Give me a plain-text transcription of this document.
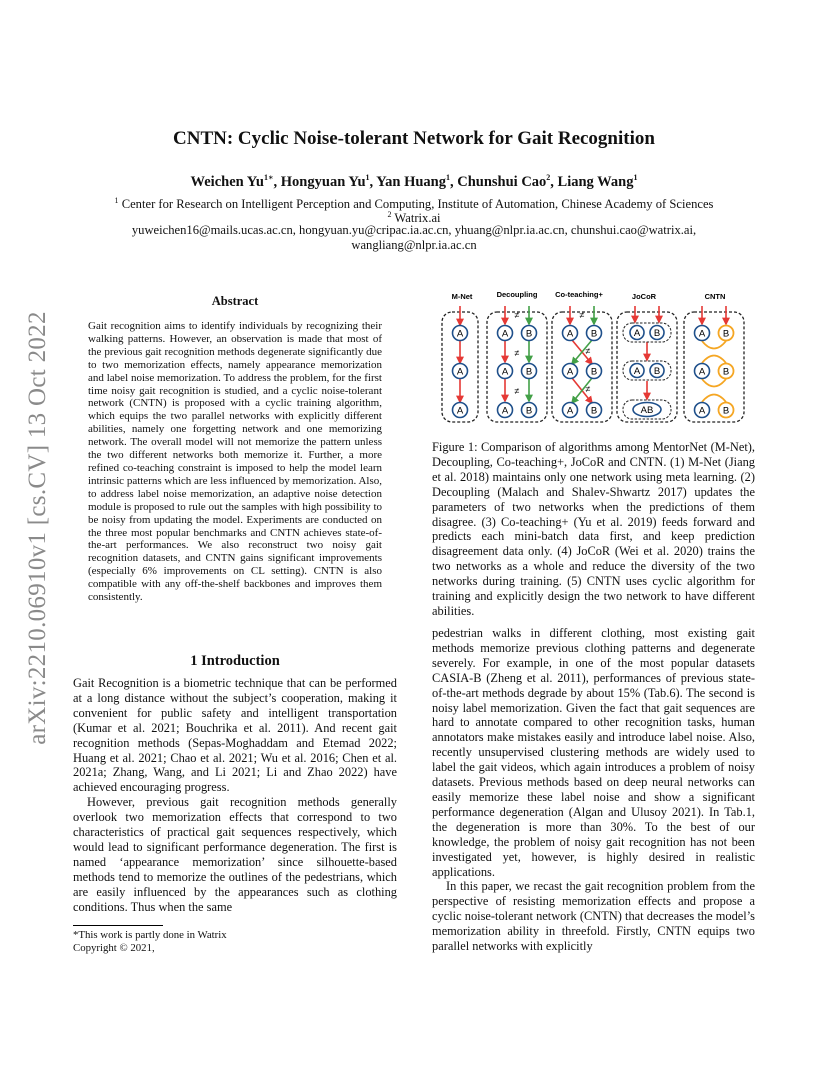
arXiv:2210.06910v1 [cs.CV] 13 Oct 2022
CNTN: Cyclic Noise-tolerant Network for Gait Recognition
Weichen $Yu^{1∗}$, Hongyuan Yu$^1$, Yan Huang$^1$, Chunshui Cao$^2$, Liang Wang$^1$
$^1$ Center for Research on Intelligent Perception and Computing, Institute of Automation, Chinese Academy of Sciences
$^2$ Watrix.ai
yuweichen16@mails.ucas.ac.cn, hongyuan.yu@cripac.ia.ac.cn, yhuang@nlpr.ia.ac.cn, chunshui.cao@watrix.ai,
wangliang@nlpr.ia.ac.cn
Abstract
Gait recognition aims to identify individuals by recognizing their walking patterns. However, an observation is made that most of the previous gait recognition methods degenerate significantly due to two memorization effects, namely appearance memorization and label noise memorization. To address the problem, for the first time noisy gait recognition is studied, and a cyclic noise-tolerant network (CNTN) is proposed with a cyclic training algorithm, which equips the two parallel networks with explicitly different abilities, namely one forgetting network and one memorizing network. The overall model will not memorize the pattern unless the two different networks both memorize it. Further, a more refined co-teaching constraint is imposed to help the model learn intrinsic patterns which are less influenced by memorization. Also, to address label noise memorization, an adaptive noise detection module is proposed to rule out the samples with high possibility to be noisy from updating the model. Experiments are conducted on the three most popular benchmarks and CNTN achieves state-of-the-art performances. We also reconstruct two noisy gait recognition datasets, and CNTN gains significant improvements (especially 6% improvements on CL setting). CNTN is also compatible with any off-the-shelf backbones and improves them consistently.
1 Introduction

Gait Recognition is a biometric technique that can be performed at a long distance without the subject’s cooperation, making it convenient for public safety and intelligent transportation (Kumar et al. 2021; Bouchrika et al. 2011). And recent gait recognition methods (Sepas-Moghaddam and Etemad 2022; Huang et al. 2021; Chao et al. 2021; Wu et al. 2016; Chen et al. 2021a; Zhang, Wang, and Li 2021; Li and Zhao 2022) have achieved encouraging progress.

However, previous gait recognition methods generally overlook two memorization effects that correspond to two characteristics of practical gait sequences respectively, which would lead to significant performance degeneration. The first is named ‘appearance memorization’ since silhouette-based methods tend to memorize the outlines of the pedestrians, which are easily influenced by the appearances such as clothing conditions. Thus when the same

*This work is partly done in Watrix
Copyright © 2021,
M-Net	Decoupling Co-teaching+	JoCoR	CNTN
A
A
A
≠
≠
≠
A B
A B
A B
≠
≠
≠
A B
A B
A B
A B
A B
AB
A B
A B
A B
Figure 1: Comparison of algorithms among MentorNet (M-Net), Decoupling, Co-teaching+, JoCoR and CNTN. (1) M-Net (Jiang et al. 2018) maintains only one network using meta learning. (2) Decoupling (Malach and Shalev-Shwartz 2017) updates the parameters of two networks when the predictions of them disagree. (3) Co-teaching+ (Yu et al. 2019) feeds forward and predicts each mini-batch data first, and keep prediction disagreement data only. (4) JoCoR (Wei et al. 2020) trains the two networks as a whole and reduce the diversity of the two networks during training. (5) CNTN uses cyclic algorithm for training and explicitly design the two network to have different abilities.

pedestrian walks in different clothing, most existing gait methods memorize previous clothing patterns and degenerate severely. For example, in one of the most popular datasets CASIA-B (Zheng et al. 2011), performances of previous state-of-the-art methods degrade by about 15% (Tab.6). The second is noisy label memorization. Given the fact that gait sequences are hard to annotate compared to other recognition tasks, human annotators make mistakes easily and introduce label noise. Also, recently unsupervised clustering methods are widely used to label the gait videos, which again introduces a problem of noisy datasets. Previous methods based on deep neural networks can easily memorize these label noise and show a significant performance degeneration (Algan and Ulusoy 2021). In Tab.1, the degeneration is more than 30%. To the best of our knowledge, the problem of noisy gait recognition has not been investigated yet, however, is highly desired in realistic applications.

In this paper, we recast the gait recognition problem from the perspective of resisting memorization effects and propose a cyclic noise-tolerant network (CNTN) that decreases the model’s memorization ability in threefold. Firstly, CNTN equips two parallel networks with explicitly
